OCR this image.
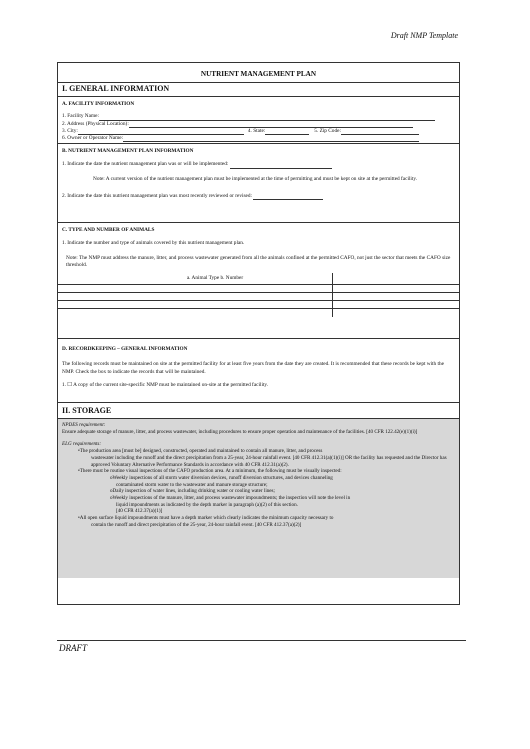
Draft NMP Template
NUTRIENT MANAGEMENT PLAN
I. GENERAL INFORMATION
A. FACILITY INFORMATION
1. Facility Name:
2. Address (Physical Location):
3. City:	4. State:	5. Zip Code:
6. Owner or Operator Name:
B. NUTRIENT MANAGEMENT PLAN INFORMATION
1. Indicate the date the nutrient management plan was or will be implemented:
Note: A current version of the nutrient management plan must be implemented at the time of permitting and must be kept on site at the permitted facility.
2. Indicate the date this nutrient management plan was most recently reviewed or revised:
C. TYPE AND NUMBER OF ANIMALS
1. Indicate the number and type of animals covered by this nutrient management plan.
Note: The NMP must address the manure, litter, and process wastewater generated from all the animals confined at the permitted CAFO, not just the sector that meets the CAFO size threshold.
a. Animal Type b. Number	

D. RECORDKEEPING – GENERAL INFORMATION
The following records must be maintained on site at the permitted facility for at least five years from the date they are created. It is recommended that these records be kept with the NMP. Check the box to indicate the records that will be maintained.
1. ☐ A copy of the current site-specific NMP must be maintained on-site at the permitted facility.
II. STORAGE
NPDES requirement:
Ensure adequate storage of manure, litter, and process wastewater, including procedures to ensure proper operation and maintenance of the facilities. [40 CFR 122.42(e)(1)(i)]
ELG requirements:
•The production area [must be] designed, constructed, operated and maintained to contain all manure, litter, and process
wastewater including the runoff and the direct precipitation from a 25-year, 24-hour rainfall event. [40 CFR 412.31(a)(1)(i)] OR the facility has requested and the Director has approved Voluntary Alternative Performance Standards in accordance with 40 CFR 412.31(a)(2).
•There must be routine visual inspections of the CAFO production area. At a minimum, the following must be visually inspected:
oWeekly inspections of all storm water diversion devices, runoff diversion structures, and devices channeling
contaminated storm water to the wastewater and manure storage structure;
oDaily inspection of water lines, including drinking water or cooling water lines;
oWeekly inspections of the manure, litter, and process wastewater impoundments; the inspection will note the level in
liquid impoundments as indicated by the depth marker in paragraph (a)(2) of this section.
[40 CFR 412.37(a)(1)]
•All open surface liquid impoundments must have a depth marker which clearly indicates the minimum capacity necessary to
contain the runoff and direct precipitation of the 25-year, 24-hour rainfall event. [40 CFR 412.37(a)(2)]
DRAFT
